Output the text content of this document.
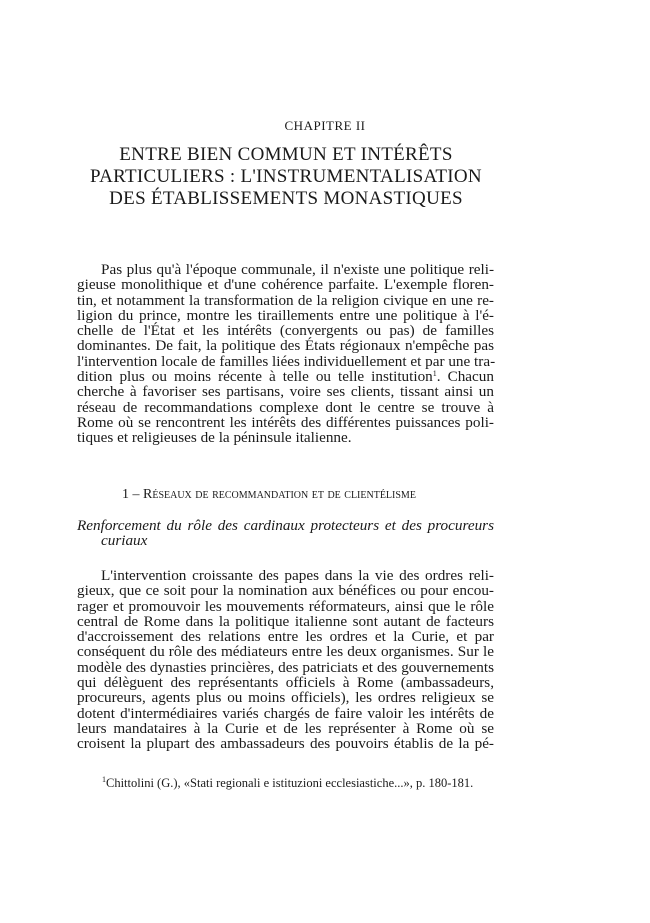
CHAPITRE II
ENTRE BIEN COMMUN ET INTÉRÊTS
PARTICULIERS : L'INSTRUMENTALISATION
DES ÉTABLISSEMENTS MONASTIQUES
Pas plus qu'à l'époque communale, il n'existe une politique reli-
gieuse monolithique et d'une cohérence parfaite. L'exemple floren-
tin, et notamment la transformation de la religion civique en une re-
ligion du prince, montre les tiraillements entre une politique à l'é-
chelle de l'État et les intérêts (convergents ou pas) de familles
dominantes. De fait, la politique des États régionaux n'empêche pas
l'intervention locale de familles liées individuellement et par une tra-
dition plus ou moins récente à telle ou telle institution$^1$. Chacun
cherche à favoriser ses partisans, voire ses clients, tissant ainsi un
réseau de recommandations complexe dont le centre se trouve à
Rome où se rencontrent les intérêts des différentes puissances poli-
tiques et religieuses de la péninsule italienne.
1 – Réseaux de recommandation et de clientélisme
Renforcement du rôle des cardinaux protecteurs et des procureurs
curiaux
L'intervention croissante des papes dans la vie des ordres reli-
gieux, que ce soit pour la nomination aux bénéfices ou pour encou-
rager et promouvoir les mouvements réformateurs, ainsi que le rôle
central de Rome dans la politique italienne sont autant de facteurs
d'accroissement des relations entre les ordres et la Curie, et par
conséquent du rôle des médiateurs entre les deux organismes. Sur le
modèle des dynasties princières, des patriciats et des gouvernements
qui délèguent des représentants officiels à Rome (ambassadeurs,
procureurs, agents plus ou moins officiels), les ordres religieux se
dotent d'intermédiaires variés chargés de faire valoir les intérêts de
leurs mandataires à la Curie et de les représenter à Rome où se
croisent la plupart des ambassadeurs des pouvoirs établis de la pé-
$^1$Chittolini (G.), «Stati regionali e istituzioni ecclesiastiche...», p. 180-181.
